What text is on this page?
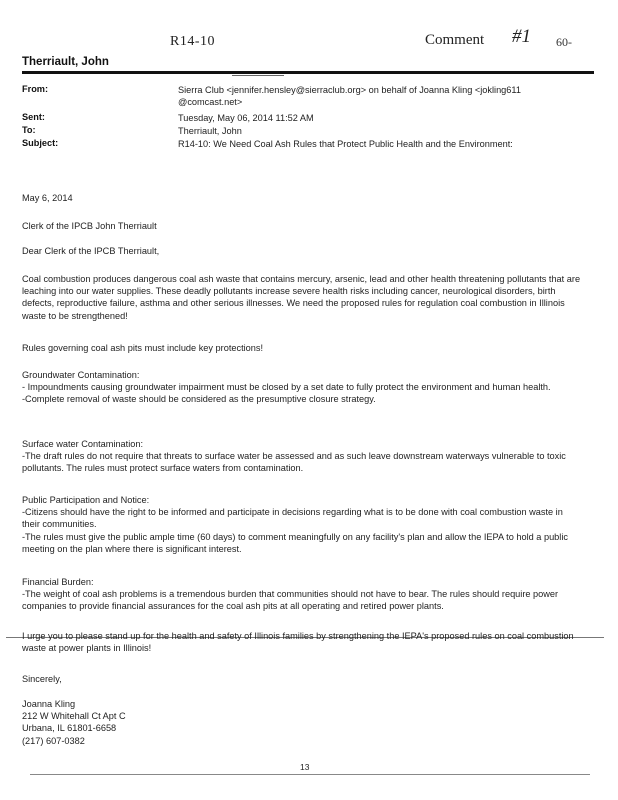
R14-10	Comment #1 60-
Therriault, John
From:	Sierra Club <jennifer.hensley@sierraclub.org> on behalf of Joanna Kling <jokling611 @comcast.net>
Sent:	Tuesday, May 06, 2014 11:52 AM
To:	Therriault, John
Subject:	R14-10: We Need Coal Ash Rules that Protect Public Health and the Environment:
May 6, 2014
Clerk of the IPCB John Therriault
Dear Clerk of the IPCB Therriault,

Coal combustion produces dangerous coal ash waste that contains mercury, arsenic, lead and other health threatening pollutants that are leaching into our water supplies. These deadly pollutants increase severe health risks including cancer, neurological disorders, birth defects, reproductive failure, asthma and other serious illnesses. We need the proposed rules for regulation coal combustion in Illinois waste to be strengthened!

Rules governing coal ash pits must include key protections!

Groundwater Contamination:

- Impoundments causing groundwater impairment must be closed by a set date to fully protect the environment and human health.

-Complete removal of waste should be considered as the presumptive closure strategy.

Surface water Contamination:

-The draft rules do not require that threats to surface water be assessed and as such leave downstream waterways vulnerable to toxic pollutants. The rules must protect surface waters from contamination.

Public Participation and Notice:

-Citizens should have the right to be informed and participate in decisions regarding what is to be done with coal combustion waste in their communities.

-The rules must give the public ample time (60 days) to comment meaningfully on any facility's plan and allow the IEPA to hold a public meeting on the plan where there is significant interest.

Financial Burden:

-The weight of coal ash problems is a tremendous burden that communities should not have to bear. The rules should require power companies to provide financial assurances for the coal ash pits at all operating and retired power plants.

I urge you to please stand up for the health and safety of Illinois families by strengthening the IEPA's proposed rules on coal combustion waste at power plants in Illinois!
Sincerely,

Joanna Kling

212 W Whitehall Ct Apt C

Urbana, IL 61801-6658

(217) 607-0382

13
